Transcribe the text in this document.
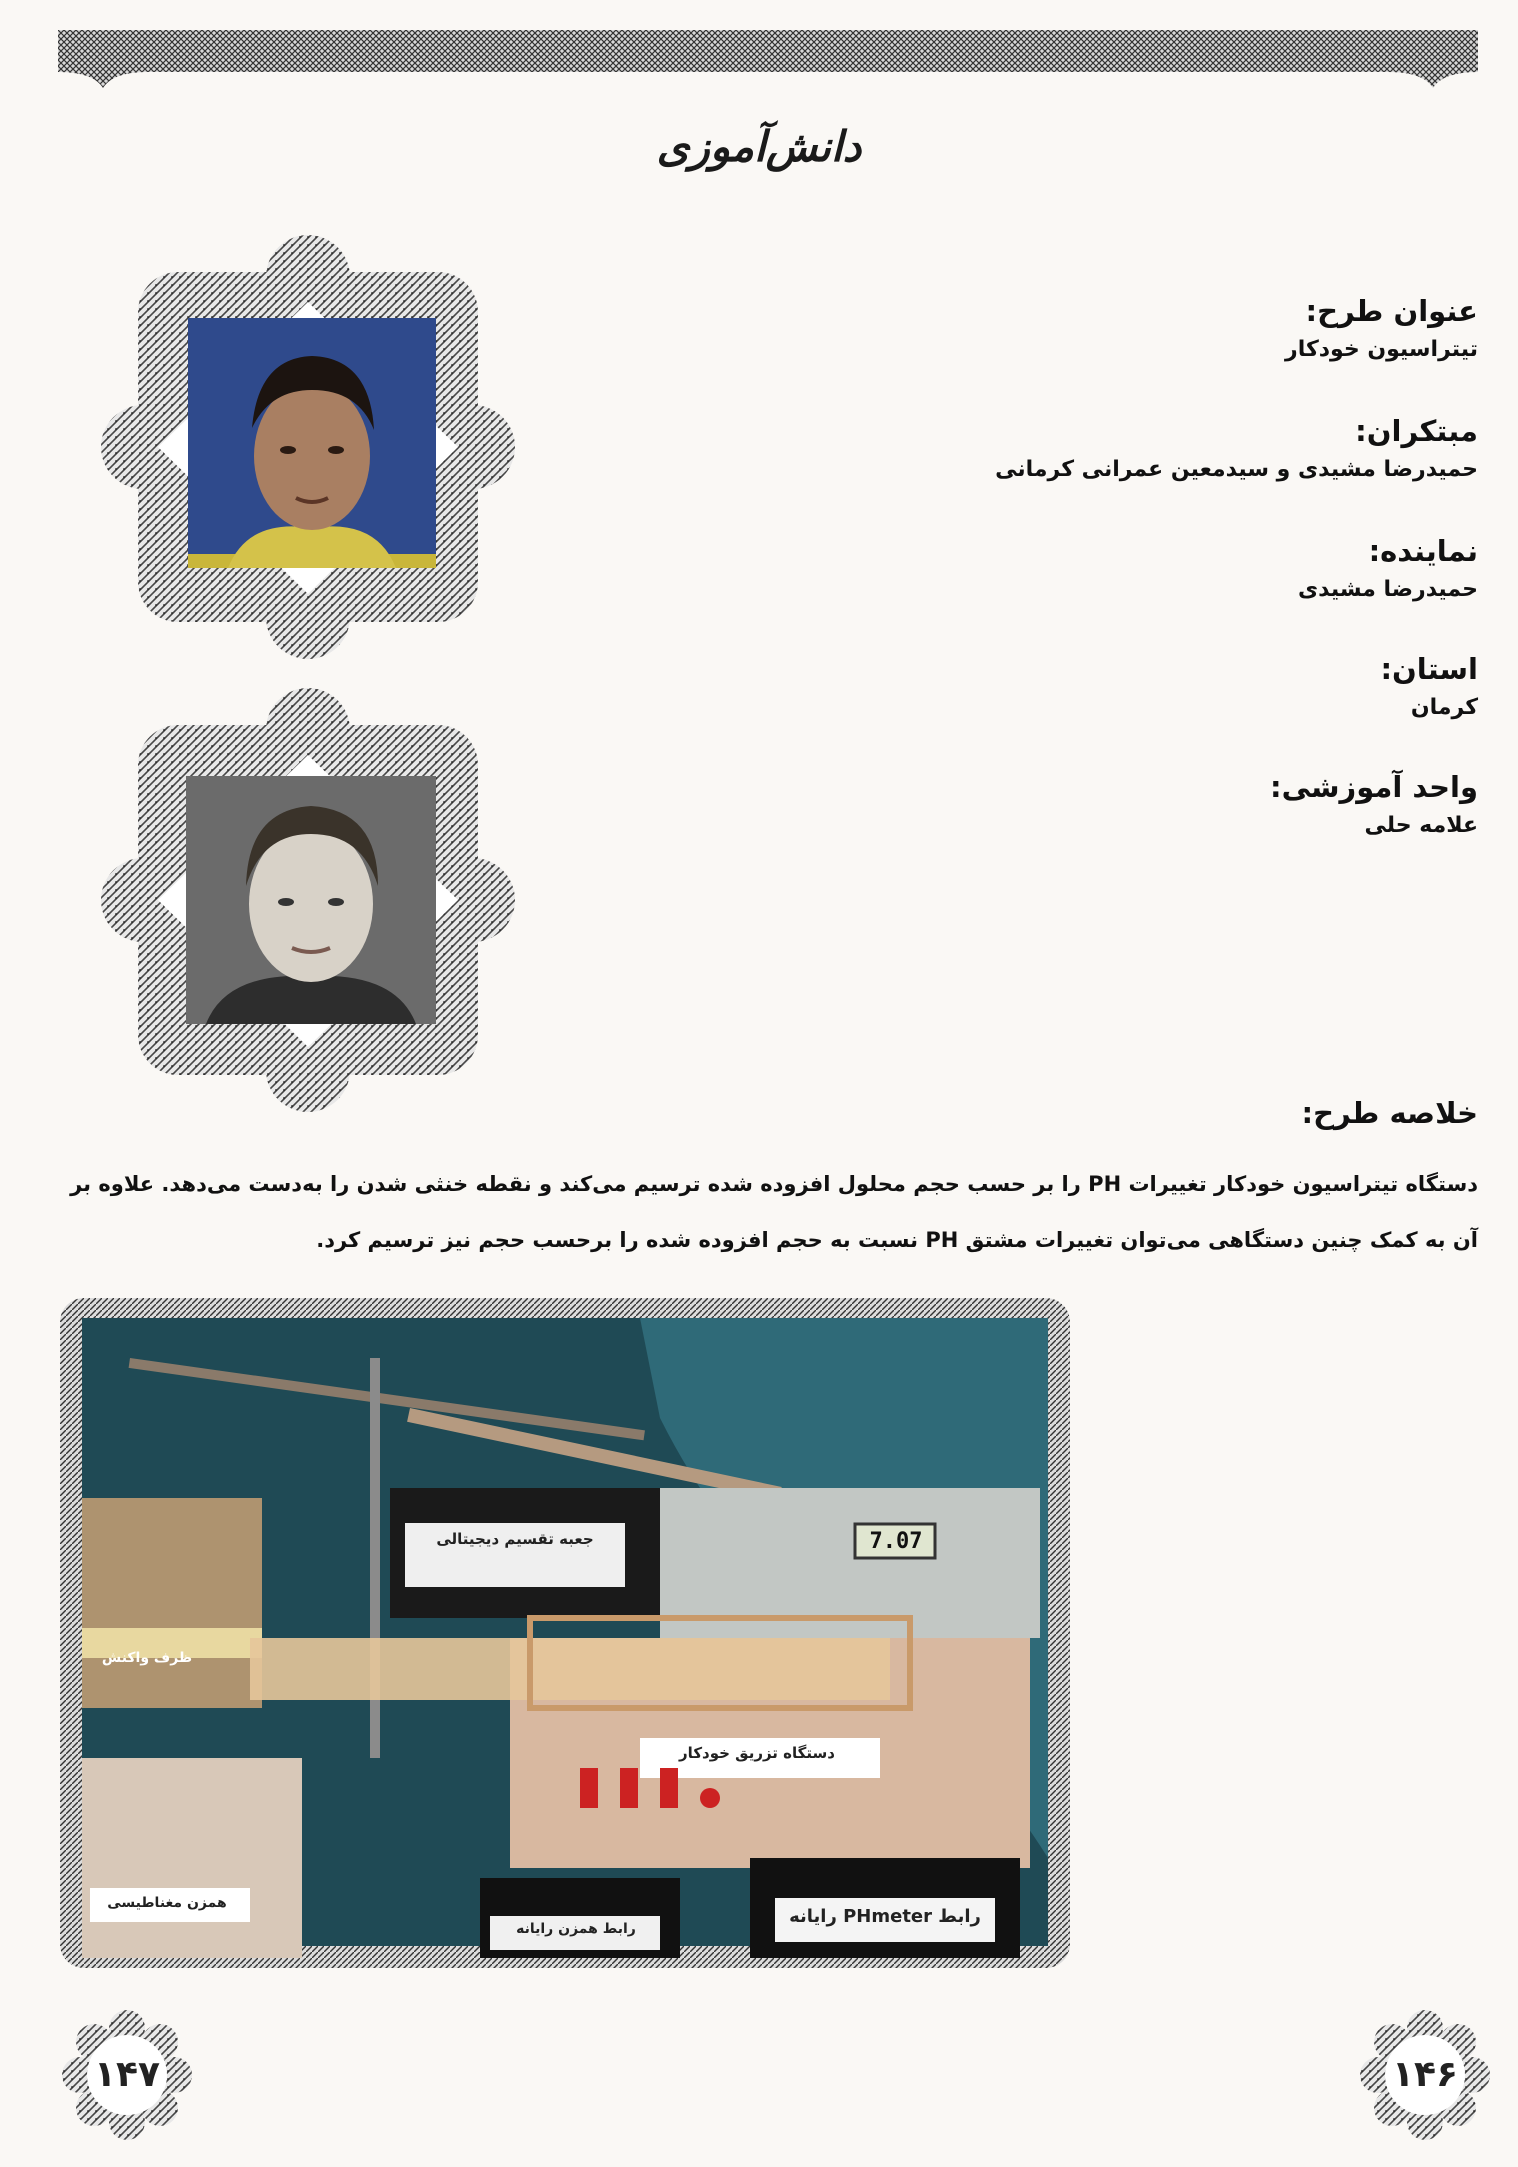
دانش‌آموزی
عنوان طرح:
تیتراسیون خودکار
مبتکران:
حمیدرضا مشیدی و سیدمعین عمرانی کرمانی
نماینده:
حمیدرضا مشیدی
استان:
کرمان
واحد آموزشی:
علامه حلی
خلاصه طرح:
دستگاه تیتراسیون خودکار تغییرات PH را بر حسب حجم محلول افزوده شده ترسیم می‌کند و نقطه خنثی شدن را به‌دست می‌دهد. علاوه بر آن به کمک چنین دستگاهی می‌توان تغییرات مشتق PH نسبت به حجم افزوده شده را برحسب حجم نیز ترسیم کرد.
7.07
جعبه تقسیم دیجیتالی
دستگاه تزریق خودکار
ظرف واکنش
همزن مغناطیسی
رابط همزن رایانه
رابط PHmeter رایانه
۱۴۷	۱۴۶
